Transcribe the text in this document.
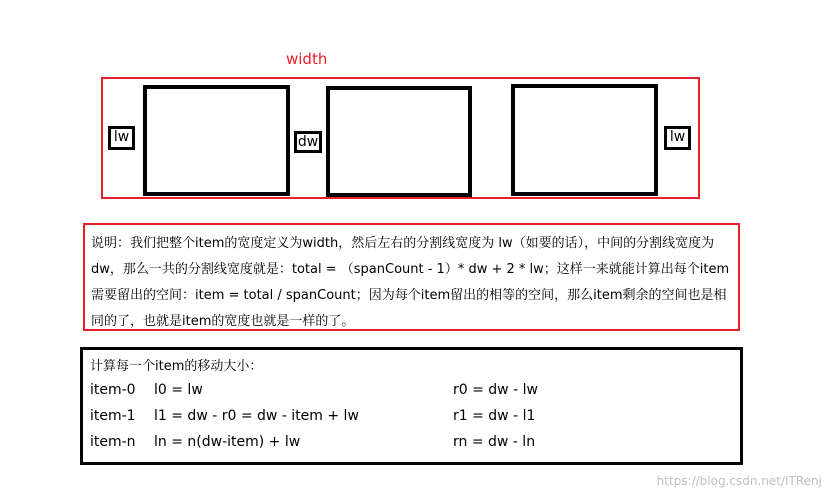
width
lw	dw	lw
说明：我们把整个item的宽度定义为width，然后左右的分割线宽度为 lw（如要的话），中间的分割线宽度为 dw，那么一共的分割线宽度就是：total = （spanCount - 1）* dw + 2 * lw；这样一来就能计算出每个item需要留出的空间：item = total / spanCount；因为每个item留出的相等的空间，那么item剩余的空间也是相同的了，也就是item的宽度也就是一样的了。
计算每一个item的移动大小：
item-0 l0 = lw	r0 = dw - lw
item-1 l1 = dw - r0 = dw - item + lw	r1 = dw - l1
item-n ln = n(dw-item) + lw	rn = dw - ln
https://blog.csdn.net/ITRenj
